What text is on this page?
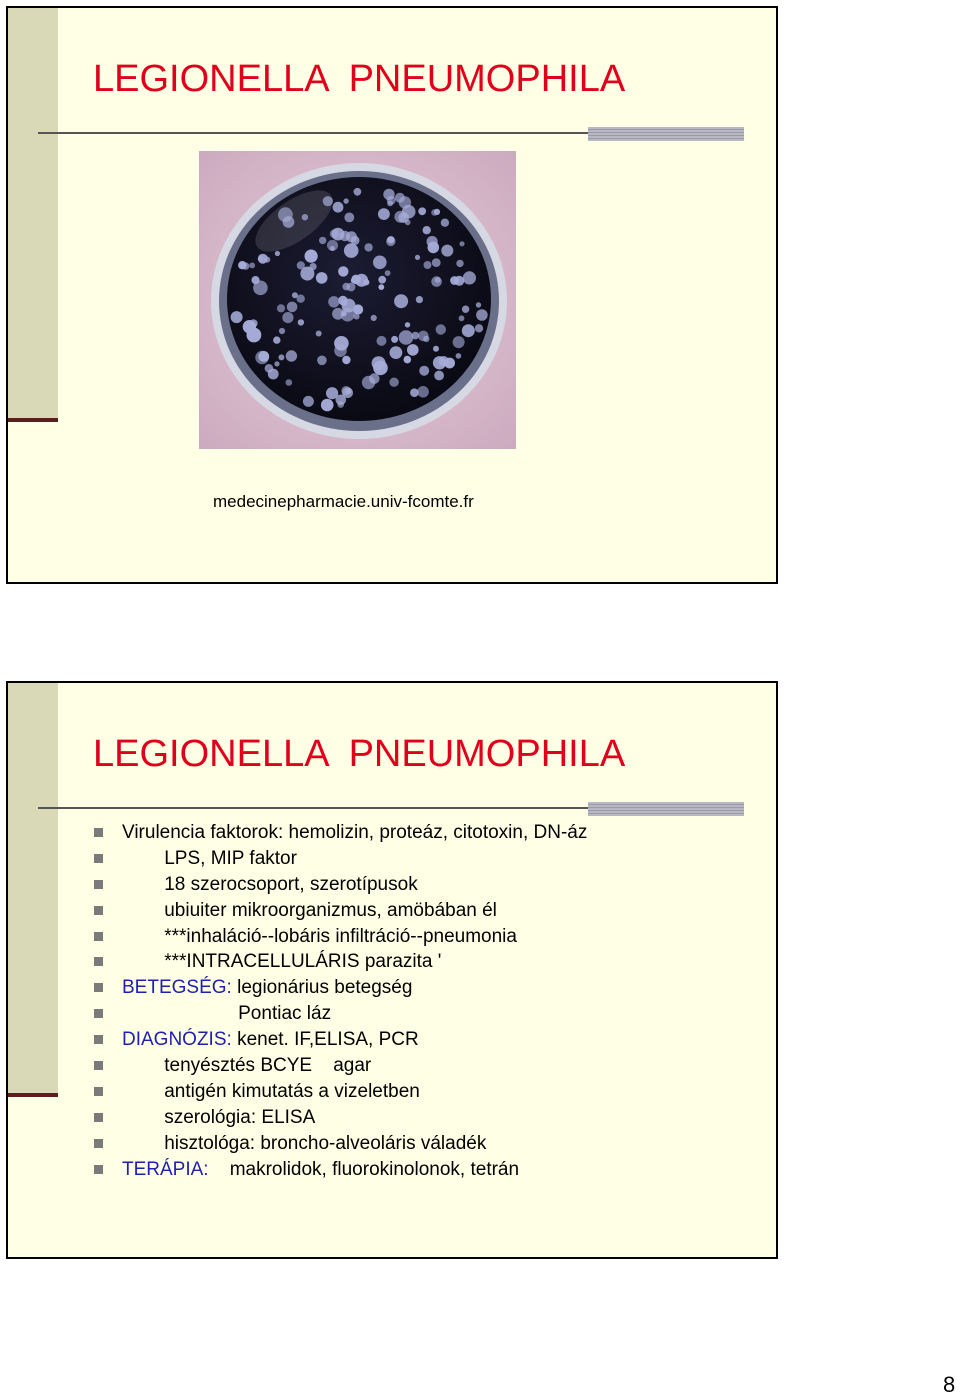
LEGIONELLA  PNEUMOPHILA
medecinepharmacie.univ-fcomte.fr
LEGIONELLA  PNEUMOPHILA
Virulencia faktorok: hemolizin, proteáz, citotoxin, DN-áz
LPS, MIP faktor
18 szerocsoport, szerotípusok
ubiuiter mikroorganizmus, amöbában él
***inhaláció--lobáris infiltráció--pneumonia
***INTRACELLULÁRIS parazita '
BETEGSÉG: legionárius betegség
Pontiac láz
DIAGNÓZIS: kenet. IF,ELISA, PCR
tenyésztés BCYE    agar
antigén kimutatás a vizeletben
szerológia: ELISA
hisztológa: broncho-alveoláris váladék
TERÁPIA:    makrolidok, fluorokinolonok, tetrán
8
